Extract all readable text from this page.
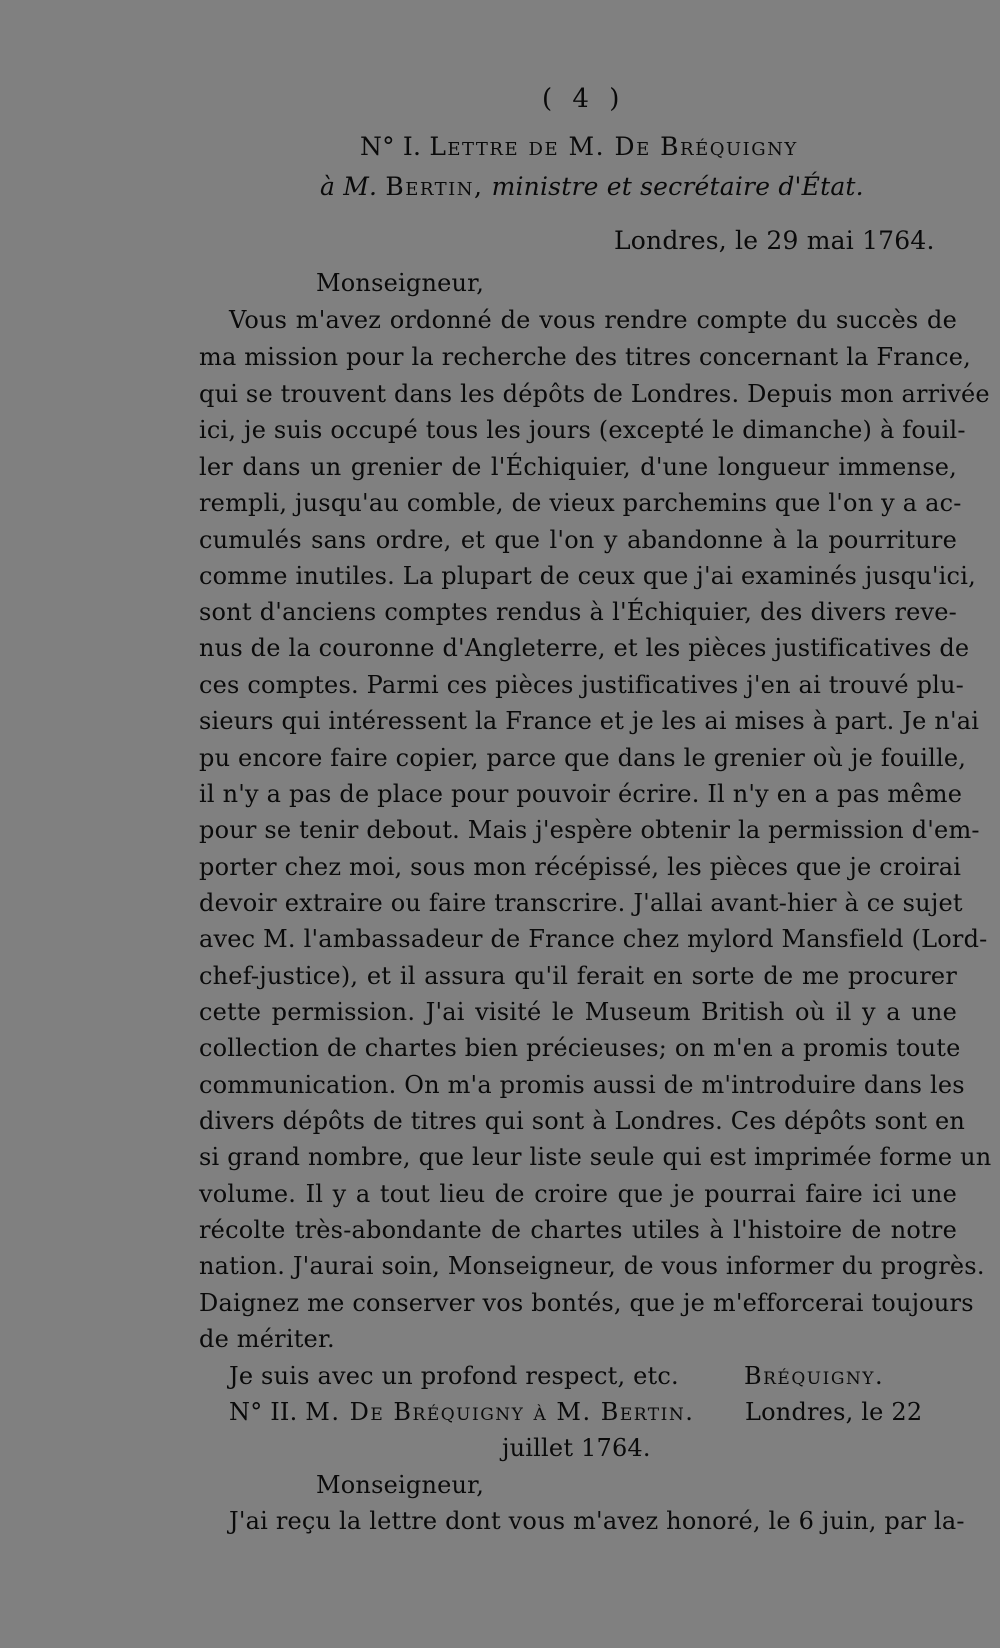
( 4 )
N° I. Lettre de M. De Bréquigny
à M. Bertin, ministre et secrétaire d'État.
Londres, le 29 mai 1764.
Monseigneur,
Vous m'avez ordonné de vous rendre compte du succès de
ma mission pour la recherche des titres concernant la France,
qui se trouvent dans les dépôts de Londres. Depuis mon arrivée
ici, je suis occupé tous les jours (excepté le dimanche) à fouil-
ler dans un grenier de l'Échiquier, d'une longueur immense,
rempli, jusqu'au comble, de vieux parchemins que l'on y a ac-
cumulés sans ordre, et que l'on y abandonne à la pourriture
comme inutiles. La plupart de ceux que j'ai examinés jusqu'ici,
sont d'anciens comptes rendus à l'Échiquier, des divers reve-
nus de la couronne d'Angleterre, et les pièces justificatives de
ces comptes. Parmi ces pièces justificatives j'en ai trouvé plu-
sieurs qui intéressent la France et je les ai mises à part. Je n'ai
pu encore faire copier, parce que dans le grenier où je fouille,
il n'y a pas de place pour pouvoir écrire. Il n'y en a pas même
pour se tenir debout. Mais j'espère obtenir la permission d'em-
porter chez moi, sous mon récépissé, les pièces que je croirai
devoir extraire ou faire transcrire. J'allai avant-hier à ce sujet
avec M. l'ambassadeur de France chez mylord Mansfield (Lord-
chef-justice), et il assura qu'il ferait en sorte de me procurer
cette permission. J'ai visité le Museum British où il y a une
collection de chartes bien précieuses; on m'en a promis toute
communication. On m'a promis aussi de m'introduire dans les
divers dépôts de titres qui sont à Londres. Ces dépôts sont en
si grand nombre, que leur liste seule qui est imprimée forme un
volume. Il y a tout lieu de croire que je pourrai faire ici une
récolte très-abondante de chartes utiles à l'histoire de notre
nation. J'aurai soin, Monseigneur, de vous informer du progrès.
Daignez me conserver vos bontés, que je m'efforcerai toujours
de mériter.
Je suis avec un profond respect, etc.	Bréquigny.
N° II. M. De Bréquigny à M. Bertin. Londres, le 22
juillet 1764.
Monseigneur,
J'ai reçu la lettre dont vous m'avez honoré, le 6 juin, par la-
